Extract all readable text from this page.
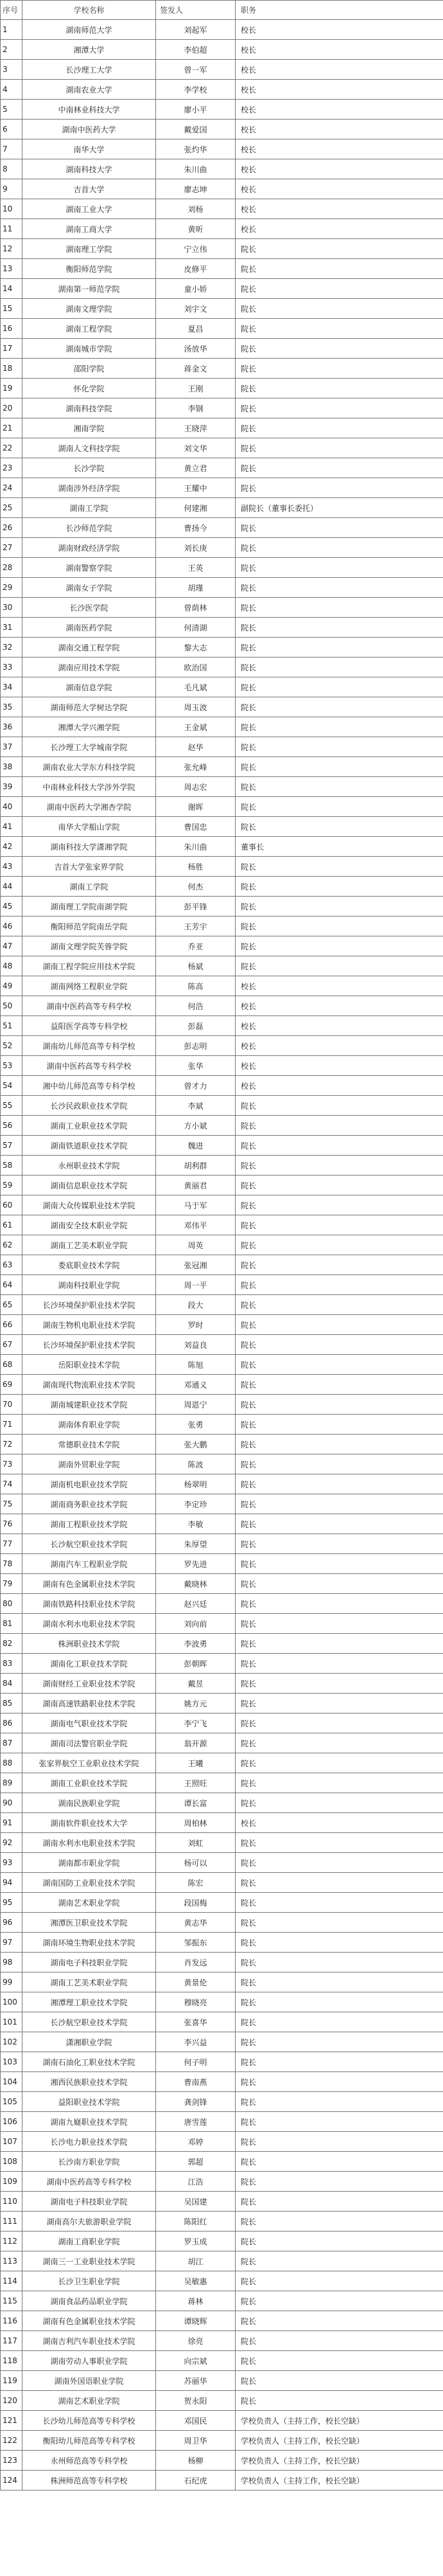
序号	学校名称	签发人	职务
1	湖南师范大学	刘起军	校长
2	湘潭大学	李伯超	校长
3	长沙理工大学	曾一军	校长
4	湖南农业大学	李学校	校长
5	中南林业科技大学	廖小平	校长
6	湖南中医药大学	戴爱国	校长
7	南华大学	张灼华	校长
8	湖南科技大学	朱川曲	校长
9	吉首大学	廖志坤	校长
10	湖南工业大学	刘杨	校长
11	湖南工商大学	黄昕	校长
12	湖南理工学院	宁立伟	院长
13	衡阳师范学院	皮修平	院长
14	湖南第一师范学院	童小娇	院长
15	湖南文理学院	刘宇文	院长
16	湖南工程学院	夏昌	院长
17	湖南城市学院	汤放华	院长
18	邵阳学院	蒋金文	院长
19	怀化学院	王刚	院长
20	湖南科技学院	李钢	院长
21	湘南学院	王晓萍	院长
22	湖南人文科技学院	刘文华	院长
23	长沙学院	黄立君	院长
24	湖南涉外经济学院	王耀中	院长
25	湖南工学院	何建湘	副院长（董事长委托）
26	长沙师范学院	曹扬今	院长
27	湖南财政经济学院	刘长庚	院长
28	湖南警察学院	王英	院长
29	湖南女子学院	胡瑾	院长
30	长沙医学院	曾荫林	院长
31	湖南医药学院	何清湖	院长
32	湖南交通工程学院	黎大志	院长
33	湖南应用技术学院	欧治国	院长
34	湖南信息学院	毛凡斌	院长
35	湖南师范大学树达学院	周玉波	院长
36	湘潭大学兴湘学院	王金斌	院长
37	长沙理工大学城南学院	赵华	院长
38	湖南农业大学东方科技学院	张允峰	院长
39	中南林业科技大学涉外学院	周志宏	院长
40	湖南中医药大学湘杏学院	谢晖	院长
41	南华大学船山学院	曹国忠	院长
42	湖南科技大学潇湘学院	朱川曲	董事长
43	吉首大学张家界学院	杨胜	院长
44	湖南工学院	何杰	院长
45	湖南理工学院南湖学院	彭平锋	院长
46	衡阳师范学院南岳学院	王芳宇	院长
47	湖南文理学院芙蓉学院	乔亚	院长
48	湖南工程学院应用技术学院	杨斌	院长
49	湖南网络工程职业学院	陈高	校长
50	湖南中医药高等专科学校	何浩	校长
51	益阳医学高等专科学校	彭磊	校长
52	湖南幼儿师范高等专科学校	彭志明	校长
53	湖南中医药高等专科学校	张华	校长
54	湘中幼儿师范高等专科学校	曾才力	校长
55	长沙民政职业技术学院	李斌	院长
56	湖南工业职业技术学院	方小斌	院长
57	湖南铁道职业技术学院	魏进	院长
58	永州职业技术学院	胡利群	院长
59	湖南信息职业技术学院	黄丽君	院长
60	湖南大众传媒职业技术学院	马于军	院长
61	湖南安全技术职业学院	邓伟平	院长
62	湖南工艺美术职业学院	周英	院长
63	娄底职业技术学院	张冠湘	院长
64	湖南科技职业学院	周一平	院长
65	长沙环境保护职业技术学院	段大	院长
66	湖南生物机电职业技术学院	罗时	院长
67	长沙环境保护职业技术学院	刘益良	院长
68	岳阳职业技术学院	陈旭	院长
69	湖南现代物流职业技术学院	邓通义	院长
70	湖南城建职业技术学院	周恩宁	院长
71	湖南体育职业学院	张勇	院长
72	常德职业技术学院	张大鹏	院长
73	湖南外贸职业学院	陈波	院长
74	湖南机电职业技术学院	杨翠明	院长
75	湖南商务职业技术学院	李定珍	院长
76	湖南工程职业技术学院	李敏	院长
77	长沙航空职业技术学院	朱厚望	院长
78	湖南汽车工程职业学院	罗先进	院长
79	湖南有色金属职业技术学院	戴晓林	院长
80	湖南铁路科技职业技术学院	赵兴廷	院长
81	湖南水利水电职业技术学院	刘向前	院长
82	株洲职业技术学院	李波勇	院长
83	湖南化工职业技术学院	彭朝晖	院长
84	湖南财经工业职业技术学院	戴昱	院长
85	湖南高速铁路职业技术学院	姚方元	院长
86	湖南电气职业技术学院	李宁飞	院长
87	湖南司法警官职业学院	翁开源	院长
88	张家界航空工业职业技术学院	王曦	院长
89	湖南工业职业技术学院	王照旺	院长
90	湖南民族职业学院	谭长富	院长
91	湖南软件职业技术大学	周柏林	校长
92	湖南水利水电职业技术学院	刘虹	院长
93	湖南都市职业学院	杨可以	院长
94	湖南国防工业职业技术学院	陈宏	院长
95	湖南艺术职业学院	段国梅	院长
96	湘潭医卫职业技术学院	黄志华	院长
97	湖南环境生物职业技术学院	邹振东	院长
98	湖南电子科技职业学院	肖发远	院长
99	湖南工艺美术职业学院	黄景伦	院长
100	湘潭理工职业技术学院	穆晓亮	院长
101	长沙航空职业技术学院	张喜华	院长
102	潇湘职业学院	李兴益	院长
103	湖南石油化工职业技术学院	何子明	院长
104	湘西民族职业技术学院	曹南燕	院长
105	益阳职业技术学院	龚剑锋	院长
106	湖南九嶷职业技术学院	唐雪莲	院长
107	长沙电力职业技术学院	邓婷	院长
108	长沙南方职业学院	郭超	院长
109	湖南中医药高等专科学校	江浩	院长
110	湖南电子科技职业学院	吴国建	院长
111	湖南高尔夫旅游职业学院	陈阳红	院长
112	湖南工商职业学院	罗玉成	院长
113	湖南三一工业职业技术学院	胡江	院长
114	长沙卫生职业学院	吴敏惠	院长
115	湖南食品药品职业学院	蒋林	院长
116	湖南有色金属职业技术学院	谭晓辉	院长
117	湖南吉利汽车职业技术学院	徐亮	院长
118	湖南劳动人事职业学院	向宗斌	院长
119	湖南外国语职业学院	苏丽华	院长
120	湖南艺术职业学院	贺永阳	院长
121	长沙幼儿师范高等专科学校	邓国民	学校负责人（主持工作，校长空缺）
122	衡阳幼儿师范高等专科学校	周卫华	学校负责人（主持工作，校长空缺）
123	永州师范高等专科学校	杨柳	学校负责人（主持工作，校长空缺）
124	株洲师范高等专科学校	石纪虎	学校负责人（主持工作，校长空缺）
